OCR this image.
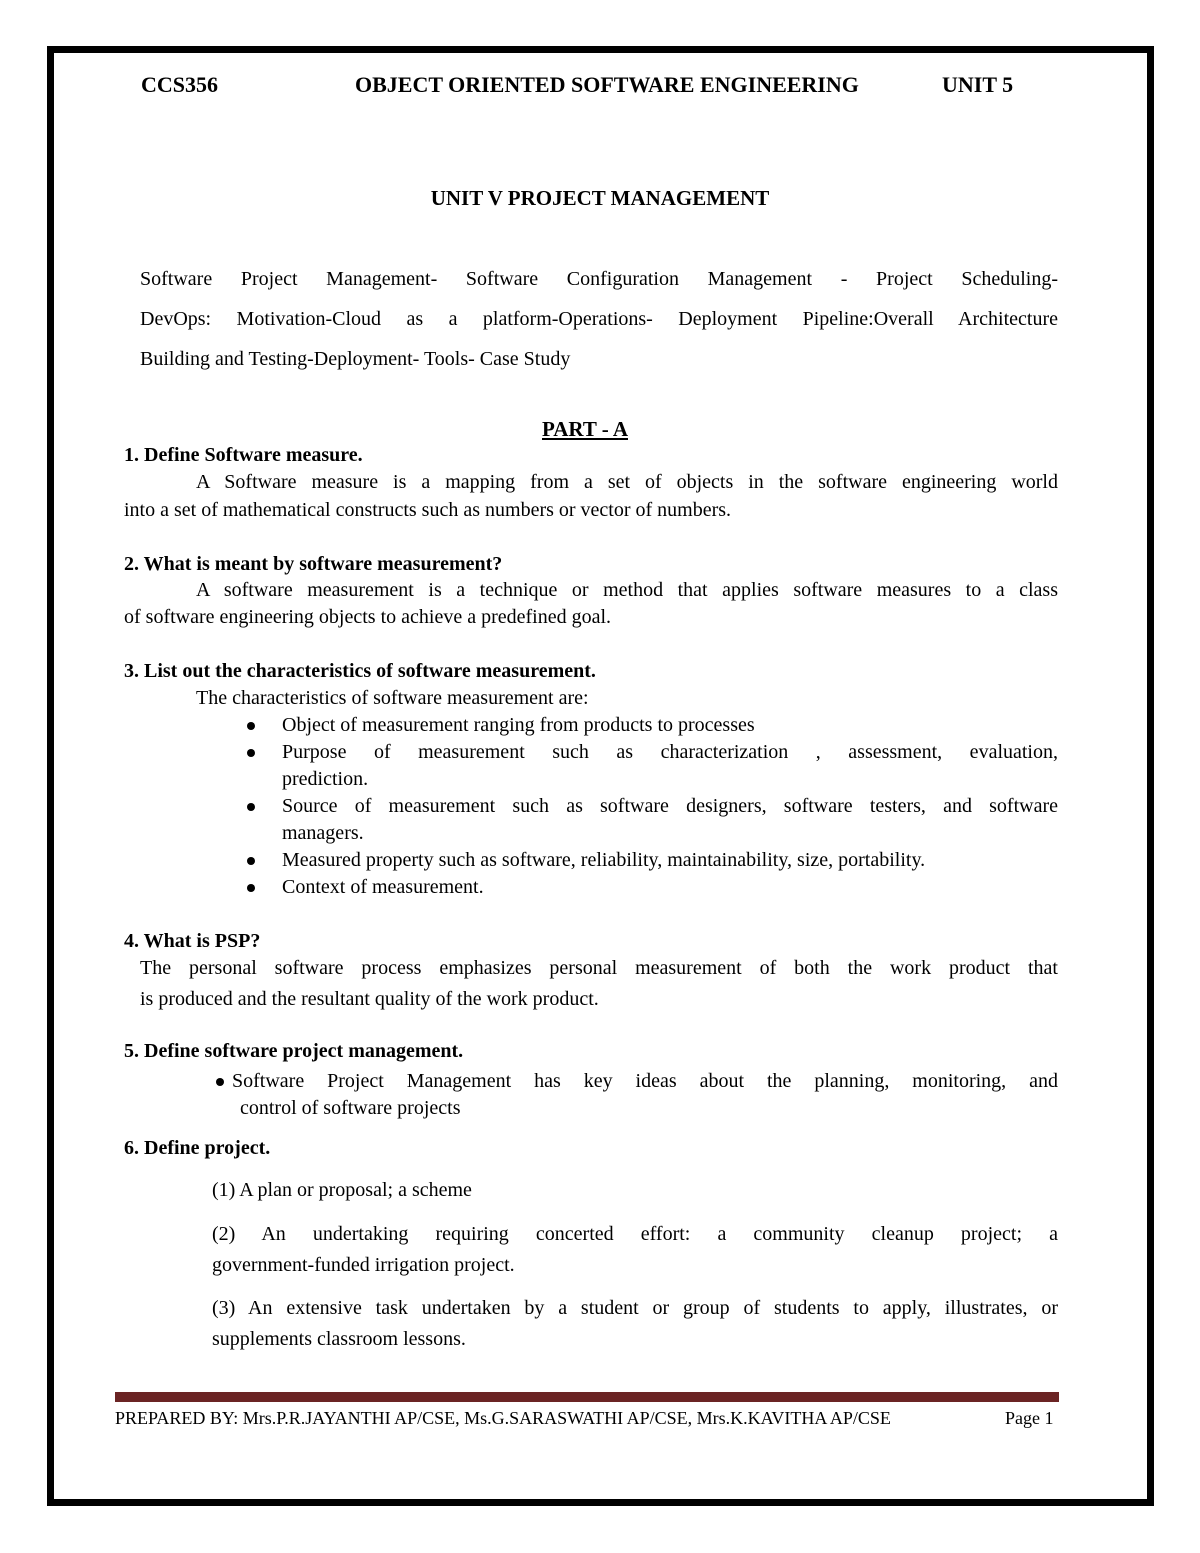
CCS356	OBJECT ORIENTED SOFTWARE ENGINEERING	UNIT 5
UNIT V PROJECT MANAGEMENT
Software Project Management- Software Configuration Management - Project Scheduling-
DevOps: Motivation-Cloud as a platform-Operations- Deployment Pipeline:Overall Architecture
Building and Testing-Deployment- Tools- Case Study
PART - A
1. Define Software measure.
A Software measure is a mapping from a set of objects in the software engineering world
into a set of mathematical constructs such as numbers or vector of numbers.
2. What is meant by software measurement?
A software measurement is a technique or method that applies software measures to a class
of software engineering objects to achieve a predefined goal.
3. List out the characteristics of software measurement.
The characteristics of software measurement are:
Object of measurement ranging from products to processes
Purpose of measurement such as characterization , assessment, evaluation,
prediction.
Source of measurement such as software designers, software testers, and software
managers.
Measured property such as software, reliability, maintainability, size, portability.
Context of measurement.
4. What is PSP?
The personal software process emphasizes personal measurement of both the work product that
is produced and the resultant quality of the work product.
5. Define software project management.
Software Project Management has key ideas about the planning, monitoring, and
control of software projects
6. Define project.
(1) A plan or proposal; a scheme
(2) An undertaking requiring concerted effort: a community cleanup project; a
government-funded irrigation project.
(3) An extensive task undertaken by a student or group of students to apply, illustrates, or
supplements classroom lessons.
PREPARED BY: Mrs.P.R.JAYANTHI AP/CSE, Ms.G.SARASWATHI AP/CSE, Mrs.K.KAVITHA AP/CSE	Page 1
